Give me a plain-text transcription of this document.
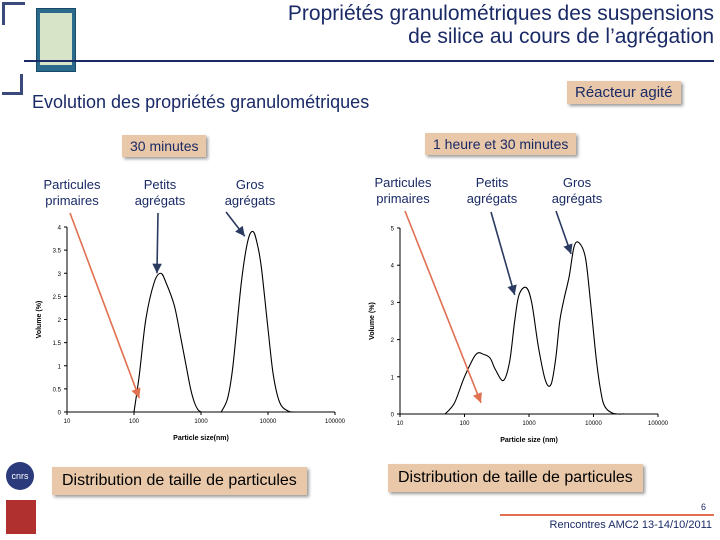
Propriétés granulométriques des suspensions
de silice au cours de l’agrégation
Evolution des propriétés granulométriques	Réacteur agité
30 minutes
Particules
primaires
Petits
agrégats
Gros
agrégats
1 heure et 30 minutes
Particules
primaires
Petits
agrégats
Gros
agrégats
0
0.5
1
1.5
2
2.5
3
3.5
4
10	100	1000	10000	100000
Particle size(nm)
Volume (%)
0
1
2
3
4
5
10	100	1000	10000	100000
Particle size (nm)
Volume (%)
Distribution de taille de particules	Distribution de taille de particules
cnrs
6
Rencontres AMC2 13-14/10/2011
